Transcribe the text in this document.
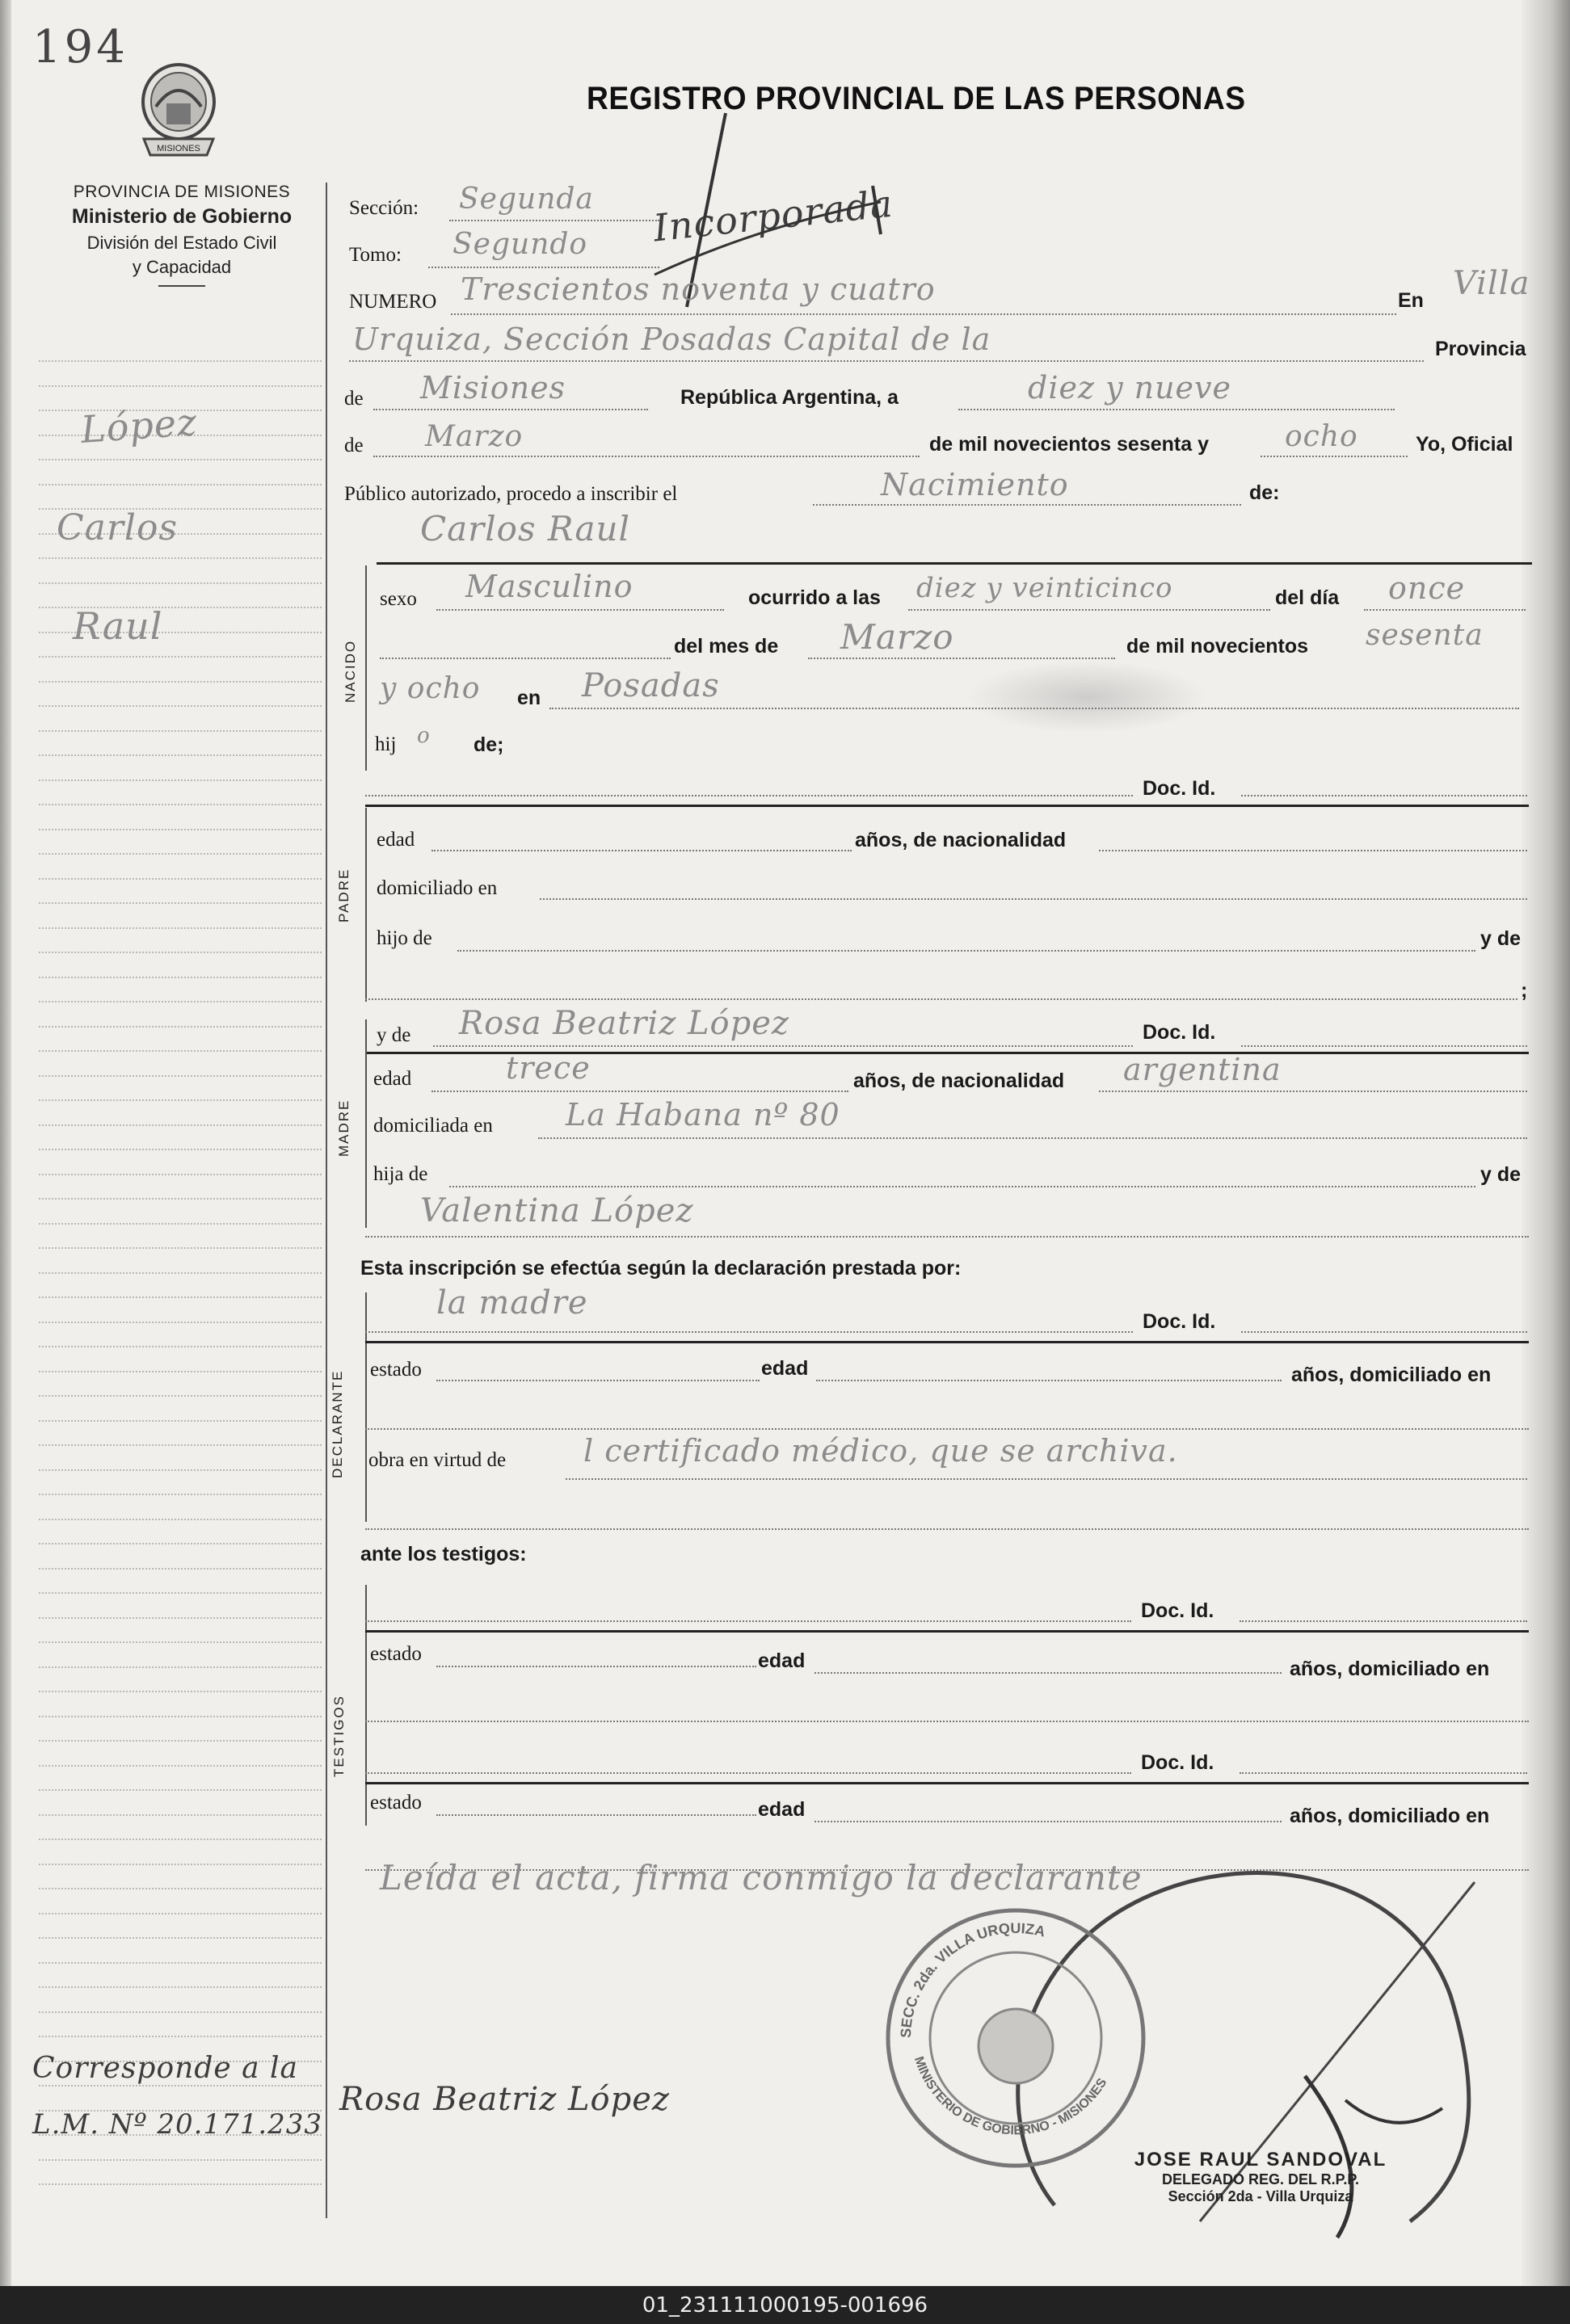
194
MISIONES
PROVINCIA DE MISIONES
Ministerio de Gobierno
División del Estado Civil
y Capacidad
REGISTRO PROVINCIAL DE LAS PERSONAS
López
Carlos
Raul
Sección: Segunda
Tomo: Segundo Incorporada
NUMERO Trescientos noventa y cuatro	En Villa
Urquiza, Sección Posadas Capital de la	Provincia
de Misiones	República Argentina, a	diez y nueve
de Marzo	de mil novecientos sesenta y	ocho	Yo, Oficial
Público autorizado, procedo a inscribir el	Nacimiento	de:
Carlos Raul
NACIDO
sexo Masculino	ocurrido a las diez y veinticinco	del día once
del mes de Marzo	de mil novecientos sesenta
y ocho en Posadas
hij o de;
Doc. Id.
PADRE
edad	años, de nacionalidad
domiciliado en
hijo de	y de
;
y de Rosa Beatriz López	Doc. Id.
MADRE
edad	trece	años, de nacionalidad argentina
domiciliada en La Habana nº 80
hija de	y de
Valentina López
Esta inscripción se efectúa según la declaración prestada por:
DECLARANTE
la madre	Doc. Id.
estado	edad	años, domiciliado en
obra en virtud de	l certificado médico, que se archiva.
ante los testigos:
TESTIGOS
Doc. Id.
estado	edad	años, domiciliado en
Doc. Id.
estado	edad	años, domiciliado en
Leída el acta, firma conmigo la declarante
Corresponde a la
L.M. Nº 20.171.233
Rosa Beatriz López
SECC. 2da. VILLA URQUIZA
MINISTERIO DE GOBIERNO - MISIONES
JOSE RAUL SANDOVAL
DELEGADO REG. DEL R.P.P.
Sección 2da - Villa Urquiza
01_231111000195-001696
